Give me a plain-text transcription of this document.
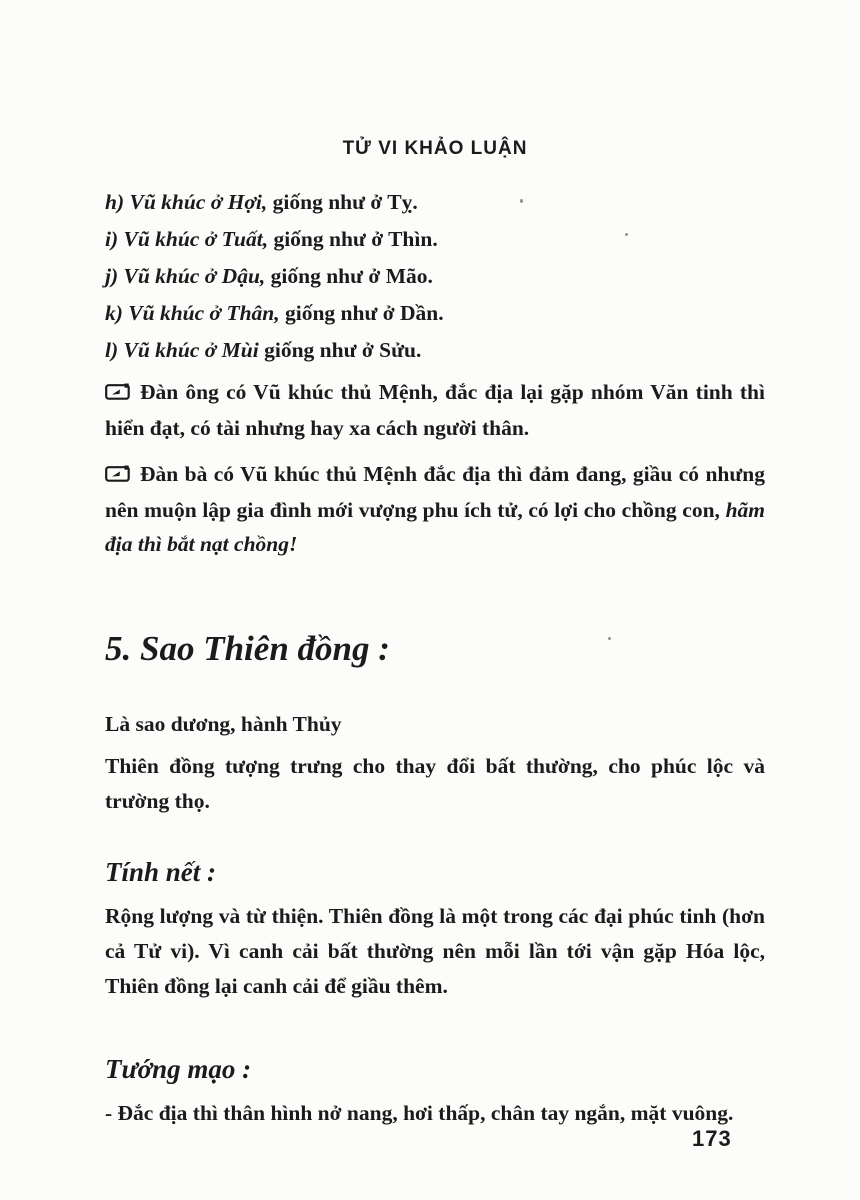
TỬ VI KHẢO LUẬN
h) Vũ khúc ở Hợi, giống như ở Tỵ.
i) Vũ khúc ở Tuất, giống như ở Thìn.
j) Vũ khúc ở Dậu, giống như ở Mão.
k) Vũ khúc ở Thân, giống như ở Dần.
l) Vũ khúc ở Mùi giống như ở Sửu.

Đàn ông có Vũ khúc thủ Mệnh, đắc địa lại gặp nhóm Văn tinh thì hiển đạt, có tài nhưng hay xa cách người thân.

Đàn bà có Vũ khúc thủ Mệnh đắc địa thì đảm đang, giầu có nhưng nên muộn lập gia đình mới vượng phu ích tử, có lợi cho chồng con, hãm địa thì bắt nạt chồng!

5. Sao Thiên đồng :

Là sao dương, hành Thủy

Thiên đồng tượng trưng cho thay đổi bất thường, cho phúc lộc và trường thọ.

Tính nết :

Rộng lượng và từ thiện. Thiên đồng là một trong các đại phúc tinh (hơn cả Tử vi). Vì canh cải bất thường nên mỗi lần tới vận gặp Hóa lộc, Thiên đồng lại canh cải để giầu thêm.

Tướng mạo :

- Đắc địa thì thân hình nở nang, hơi thấp, chân tay ngắn, mặt vuông.

173
